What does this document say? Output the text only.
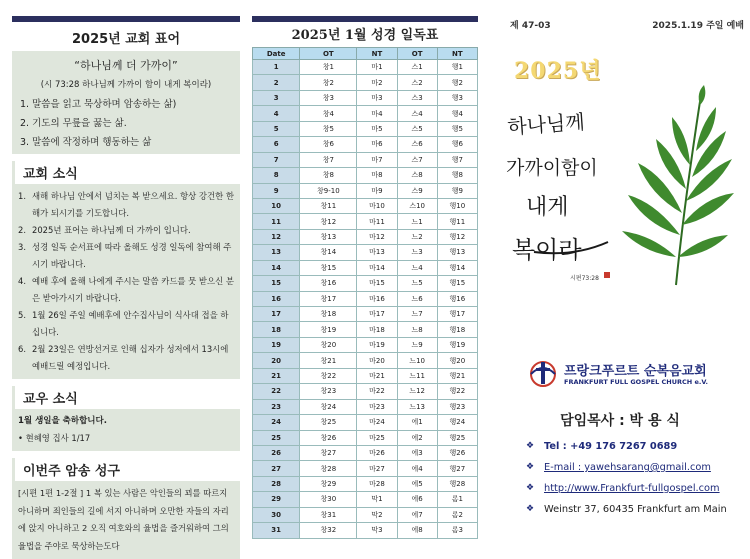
2025년 교회 표어
“하나님께 더 가까이”
(시 73:28 하나님께 가까이 함이 내게 복이라)
1. 말씀을 읽고 묵상하며 암송하는 삶)
2. 기도의 무릎을 꿇는 삶.
3. 말씀에 작정하며 행동하는 삶
교회 소식
1. 새해 하나님 안에서 넘치는 복 받으세요. 항상 강건한 한해가 되시기를 기도합니다.
2. 2025년 표어는 하나님께 더 가까이 입니다.
3. 성경 일독 순서표에 따라 올해도 성경 일독에 참여해 주시기 바랍니다.
4. 예배 후에 올해 나에게 주시는 말씀 카드를 뭇 받으신 분은 받아가시기 바랍니다.
5. 1월 26일 주일 예배후에 안수집사님이 식사대 접을 하십니다.
6. 2월 23일은 연방선거로 인해 십자가 성저에서 13시에 예배드릴 예정입니다.
교우 소식
1월 생일을 축하합니다.
• 현혜영 집사 1/17
이번주 암송 성구
[시편 1편 1-2절 ] 1 복 있는 사람은 악인들의 꾀를 따르지 아니하며 죄인들의 길에 서지 아니하며 오만한 자들의 자리에 앉지 아니하고 2 오직 여호와의 율법을 즐거워하여 그의 율법을 주야로 묵상하는도다
2025년 1월 성경 일독표
Date	OT	NT	OT	NT
1	창1	마1	스1	행1
2	창2	마2	스2	행2
3	창3	마3	스3	행3
4	창4	마4	스4	행4
5	창5	마5	스5	행5
6	창6	마6	스6	행6
7	창7	마7	스7	행7
8	창8	마8	스8	행8
9	창9-10	마9	스9	행9
10	창11	마10	스10	행10
11	창12	마11	느1	행11
12	창13	마12	느2	행12
13	창14	마13	느3	행13
14	창15	마14	느4	행14
15	창16	마15	느5	행15
16	창17	마16	느6	행16
17	창18	마17	느7	행17
18	창19	마18	느8	행18
19	창20	마19	느9	행19
20	창21	마20	느10	행20
21	창22	마21	느11	행21
22	창23	마22	느12	행22
23	창24	마23	느13	행23
24	창25	마24	에1	행24
25	창26	마25	에2	행25
26	창27	마26	에3	행26
27	창28	마27	에4	행27
28	창29	마28	에5	행28
29	창30	막1	에6	롬1
30	창31	막2	에7	롬2
31	창32	막3	에8	롬3
제 47-03	2025.1.19 주일 예배
2025년
하나님께
가까이함이
내게
복이라
시편73:28
프랑크푸르트 순복음교회
FRANKFURT FULL GOSPEL CHURCH e.V.
담임목사 : 박 용 식
❖	Tel : +49 176 7267 0689
❖	E-mail : yawehsarang@gmail.com
❖	http://www.Frankfurt-fullgospel.com
❖	Weinstr 37, 60435 Frankfurt am Main
